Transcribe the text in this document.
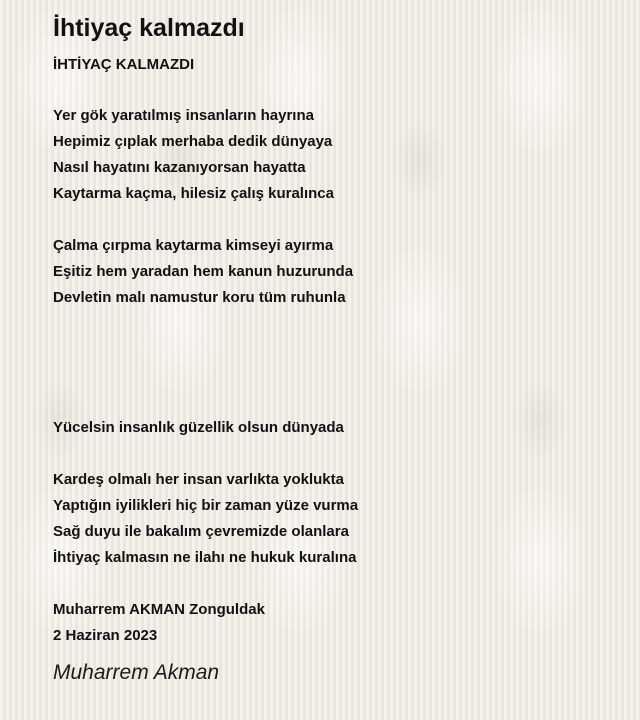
İhtiyaç kalmazdı
İHTİYAÇ KALMAZDI
Yer gök yaratılmış insanların hayrına
Hepimiz çıplak merhaba dedik dünyaya
Nasıl hayatını kazanıyorsan hayatta
Kaytarma kaçma, hilesiz çalış kuralınca
Çalma çırpma kaytarma kimseyi ayırma
Eşitiz hem yaradan hem kanun huzurunda
Devletin malı namustur koru tüm ruhunla
Yücelsin insanlık güzellik olsun dünyada
Kardeş olmalı her insan varlıkta yoklukta
Yaptığın iyilikleri hiç bir zaman yüze vurma
Sağ duyu ile bakalım çevremizde olanlara
İhtiyaç kalmasın ne ilahı ne hukuk kuralına
Muharrem AKMAN Zonguldak
2 Haziran 2023
Muharrem Akman
